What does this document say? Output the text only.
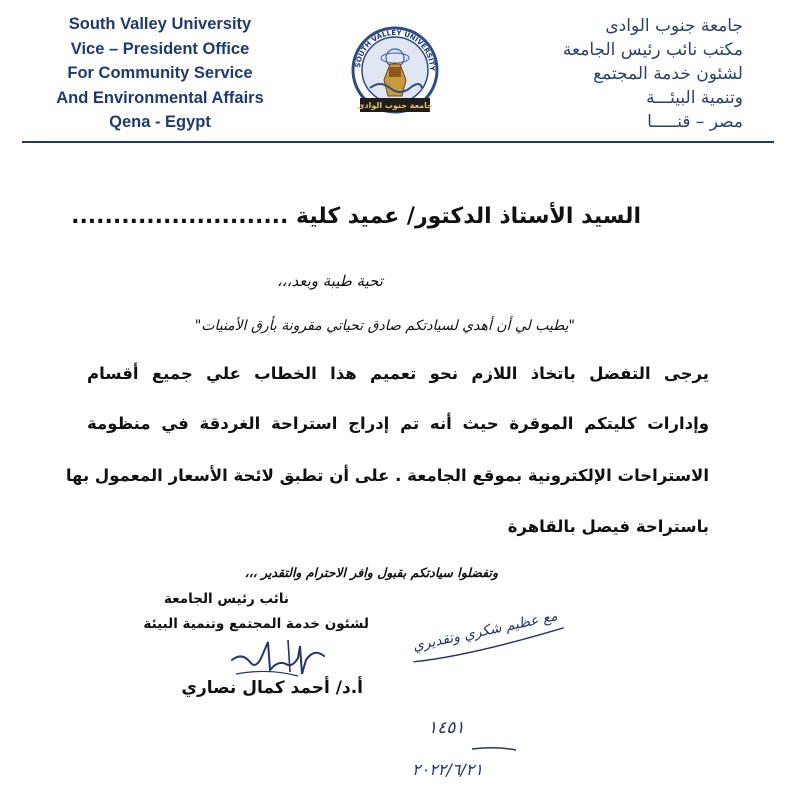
South Valley University
Vice – President Office
For Community Service
And Environmental Affairs
Qena - Egypt
SOUTH VALLEY UNIVERSITY
جامعة جنوب الوادى
جامعة جنوب الوادى
مكتب نائب رئيس الجامعة
لشئون خدمة المجتمع
وتنمية البيئـــة
مصر – قنـــــا
السيد الأستاذ الدكتور/ عميد كلية ..........................
تحية طيبة وبعد،،،
"يطيب لي أن أهدي لسيادتكم صادق تحياتي مقرونة بأرق الأمنيات"
يرجى التفضل باتخاذ اللازم نحو تعميم هذا الخطاب علي جميع أقسام
وإدارات كليتكم الموقرة حيث أنه تم إدراج استراحة الغردقة في منظومة
الاستراحات الإلكترونية بموقع الجامعة . على أن تطبق لائحة الأسعار المعمول بها
باستراحة فيصل بالقاهرة
وتفضلوا سيادتكم بقبول وافر الاحترام والتقدير ،،،
نائب رئيس الجامعة
لشئون خدمة المجتمع وتنمية البيئة
أ.د/ أحمد كمال نصاري
مع عظيم شكري وتقديري
١٤٥١
٢٠٢٢/٦/٢١
